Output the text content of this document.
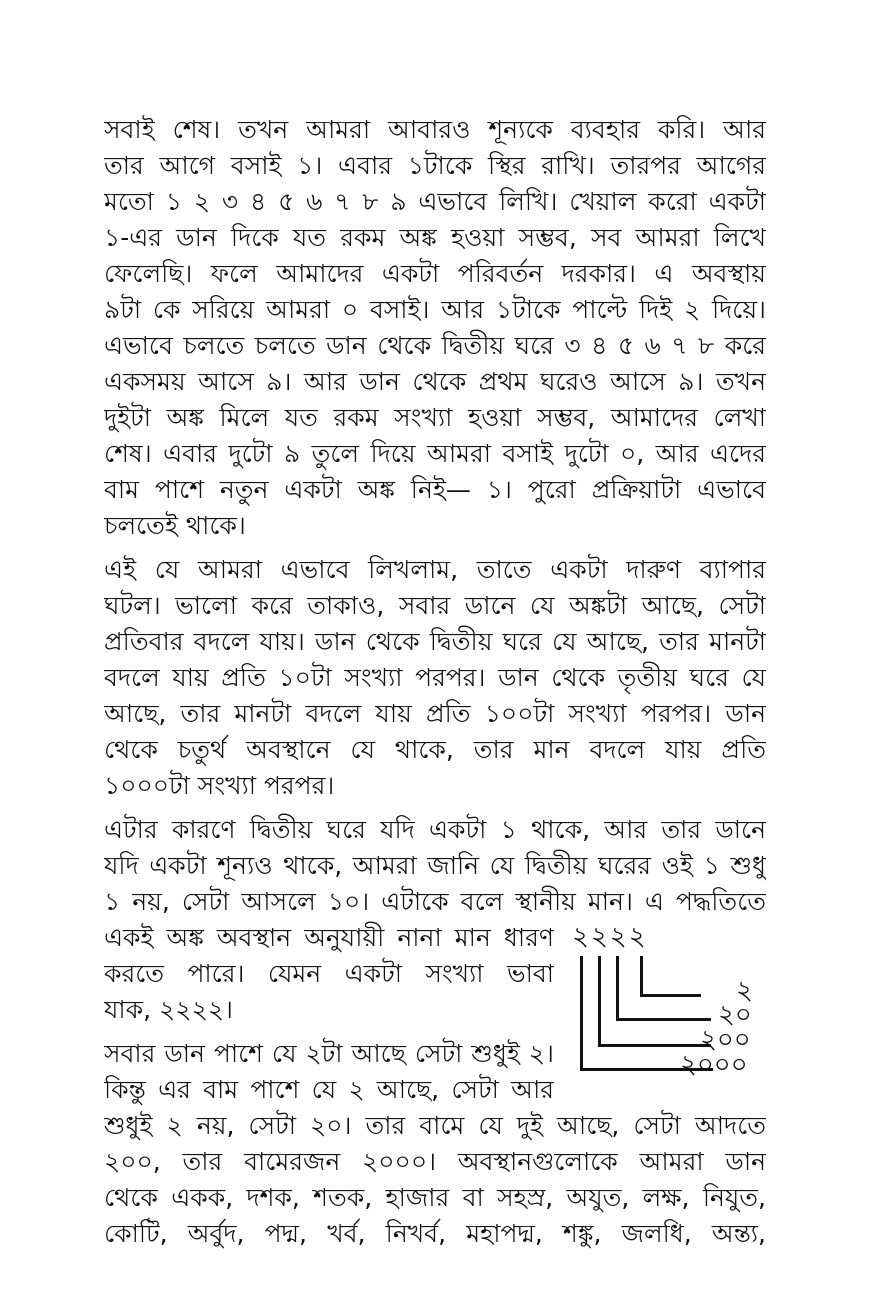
সবাই শেষ। তখন আমরা আবারও শূন্যকে ব্যবহার করি। আর

তার আগে বসাই ১। এবার ১টাকে স্থির রাখি। তারপর আগের

মতো ১ ২ ৩ ৪ ৫ ৬ ৭ ৮ ৯ এভাবে লিখি। খেয়াল করো একটা

১-এর ডান দিকে যত রকম অঙ্ক হওয়া সম্ভব, সব আমরা লিখে

ফেলেছি। ফলে আমাদের একটা পরিবর্তন দরকার। এ অবস্থায়

৯টা কে সরিয়ে আমরা ০ বসাই। আর ১টাকে পাল্টে দিই ২ দিয়ে।

এভাবে চলতে চলতে ডান থেকে দ্বিতীয় ঘরে ৩ ৪ ৫ ৬ ৭ ৮ করে

একসময় আসে ৯। আর ডান থেকে প্রথম ঘরেও আসে ৯। তখন

দুইটা অঙ্ক মিলে যত রকম সংখ্যা হওয়া সম্ভব, আমাদের লেখা

শেষ। এবার দুটো ৯ তুলে দিয়ে আমরা বসাই দুটো ০, আর এদের

বাম পাশে নতুন একটা অঙ্ক নিই— ১। পুরো প্রক্রিয়াটা এভাবে

চলতেই থাকে।

এই যে আমরা এভাবে লিখলাম, তাতে একটা দারুণ ব্যাপার

ঘটল। ভালো করে তাকাও, সবার ডানে যে অঙ্কটা আছে, সেটা

প্রতিবার বদলে যায়। ডান থেকে দ্বিতীয় ঘরে যে আছে, তার মানটা

বদলে যায় প্রতি ১০টা সংখ্যা পরপর। ডান থেকে তৃতীয় ঘরে যে

আছে, তার মানটা বদলে যায় প্রতি ১০০টা সংখ্যা পরপর। ডান

থেকে চতুর্থ অবস্থানে যে থাকে, তার মান বদলে যায় প্রতি

১০০০টা সংখ্যা পরপর।

এটার কারণে দ্বিতীয় ঘরে যদি একটা ১ থাকে, আর তার ডানে

যদি একটা শূন্যও থাকে, আমরা জানি যে দ্বিতীয় ঘরের ওই ১ শুধু

১ নয়, সেটা আসলে ১০। এটাকে বলে স্থানীয় মান। এ পদ্ধতিতে

একই অঙ্ক অবস্থান অনুযায়ী নানা মান ধারণ

করতে পারে। যেমন একটা সংখ্যা ভাবা

যাক, ২২২২।

সবার ডান পাশে যে ২টা আছে সেটা শুধুই ২।

কিন্তু এর বাম পাশে যে ২ আছে, সেটা আর

শুধুই ২ নয়, সেটা ২০। তার বামে যে দুই আছে, সেটা আদতে

২০০, তার বামেরজন ২০০০। অবস্থানগুলোকে আমরা ডান

থেকে একক, দশক, শতক, হাজার বা সহস্র, অযুত, লক্ষ, নিযুত,

কোটি, অর্বুদ, পদ্ম, খর্ব, নিখর্ব, মহাপদ্ম, শঙ্কু, জলধি, অন্ত্য,

২২২২
২
২০
২০০
২০০০
